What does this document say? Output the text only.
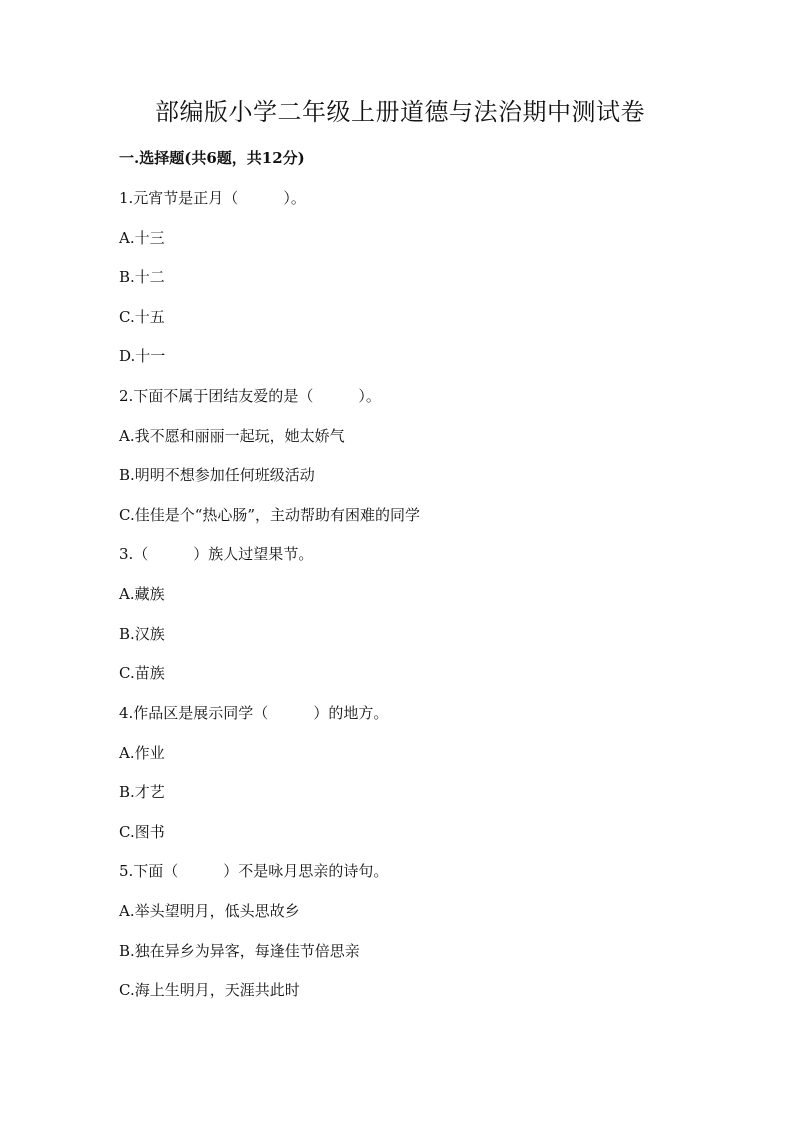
部编版小学二年级上册道德与法治期中测试卷
一.选择题(共6题，共12分)
1.元宵节是正月（　　　）。
A.十三
B.十二
C.十五
D.十一
2.下面不属于团结友爱的是（　　　）。
A.我不愿和丽丽一起玩，她太娇气
B.明明不想参加任何班级活动
C.佳佳是个“热心肠”，主动帮助有困难的同学
3.（　　　）族人过望果节。
A.藏族
B.汉族
C.苗族
4.作品区是展示同学（　　　）的地方。
A.作业
B.才艺
C.图书
5.下面（　　　）不是咏月思亲的诗句。
A.举头望明月，低头思故乡
B.独在异乡为异客，每逢佳节倍思亲
C.海上生明月，天涯共此时
